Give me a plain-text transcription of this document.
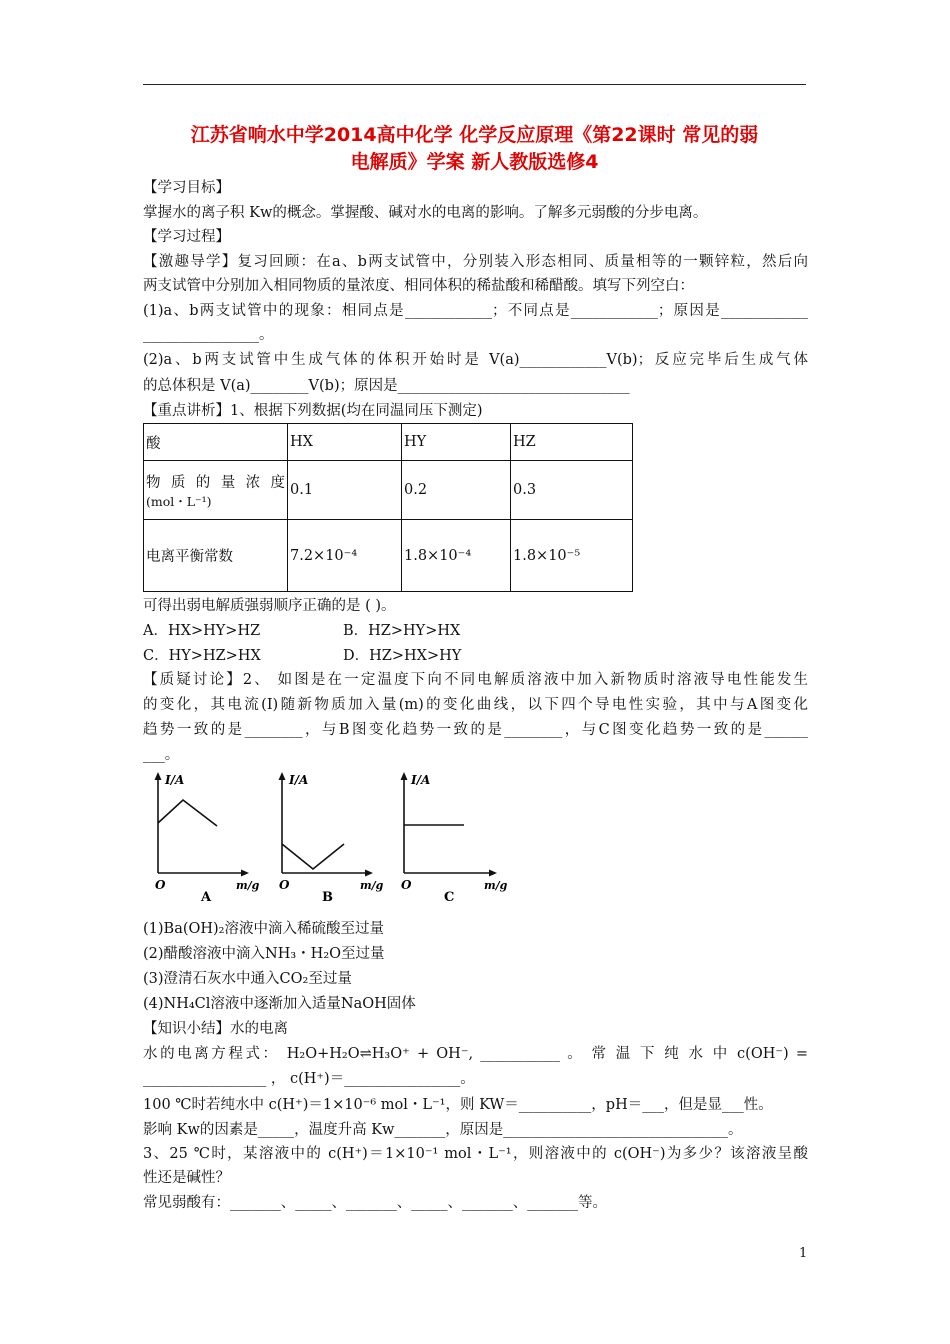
江苏省响水中学2014高中化学 化学反应原理《第22课时 常见的弱
电解质》学案 新人教版选修4
【学习目标】
掌握水的离子积 Kw的概念。掌握酸、碱对水的电离的影响。了解多元弱酸的分步电离。
【学习过程】
【激趣导学】复习回顾：在a、b两支试管中，分别装入形态相同、质量相等的一颗锌粒，然后向
两支试管中分别加入相同物质的量浓度、相同体积的稀盐酸和稀醋酸。填写下列空白：
(1)a、b两支试管中的现象：相同点是____________；不同点是____________；原因是____________
________________。
(2)a、b两支试管中生成气体的体积开始时是 V(a)____________V(b)；反应完毕后生成气体
的总体积是 V(a)________V(b)；原因是________________________________
【重点讲析】1、根据下列数据(均在同温同压下测定)
酸	HX	HY	HZ

物 质 的 量 浓 度
(mol・L⁻¹)	0.1	0.2	0.3
电离平衡常数	7.2×10⁻⁴	1.8×10⁻⁴	1.8×10⁻⁵
可得出弱电解质强弱顺序正确的是 ( )。
A．HX>HY>HZ	B．HZ>HY>HX
C．HY>HZ>HX	D．HZ>HX>HY
【质疑讨论】2、 如图是在一定温度下向不同电解质溶液中加入新物质时溶液导电性能发生
的变化，其电流(I)随新物质加入量(m)的变化曲线，以下四个导电性实验，其中与A图变化
趋势一致的是________，与B图变化趋势一致的是________，与C图变化趋势一致的是______
___。
I/A
O	m/g
A
I/A
O	m/g
B
I/A
O	m/g
C
(1)Ba(OH)₂溶液中滴入稀硫酸至过量
(2)醋酸溶液中滴入NH₃・H₂O至过量
(3)澄清石灰水中通入CO₂至过量
(4)NH₄Cl溶液中逐渐加入适量NaOH固体
【知识小结】水的电离
水的电离方程式： H₂O+H₂O⇌H₃O⁺ + OH⁻, ___________ 。 常 温 下 纯 水 中 c(OH⁻) =
_________________ ， c(H⁺)＝________________。
100 ℃时若纯水中 c(H⁺)＝1×10⁻⁶ mol・L⁻¹，则 KW＝__________，pH＝___，但是显___性。
影响 Kw的因素是_____，温度升高 Kw_______，原因是_______________________________。
3、25 ℃时，某溶液中的 c(H⁺)＝1×10⁻¹ mol・L⁻¹，则溶液中的 c(OH⁻)为多少？该溶液呈酸
性还是碱性？
常见弱酸有：_______、_____、_______、_____、_______、_______等。
1
